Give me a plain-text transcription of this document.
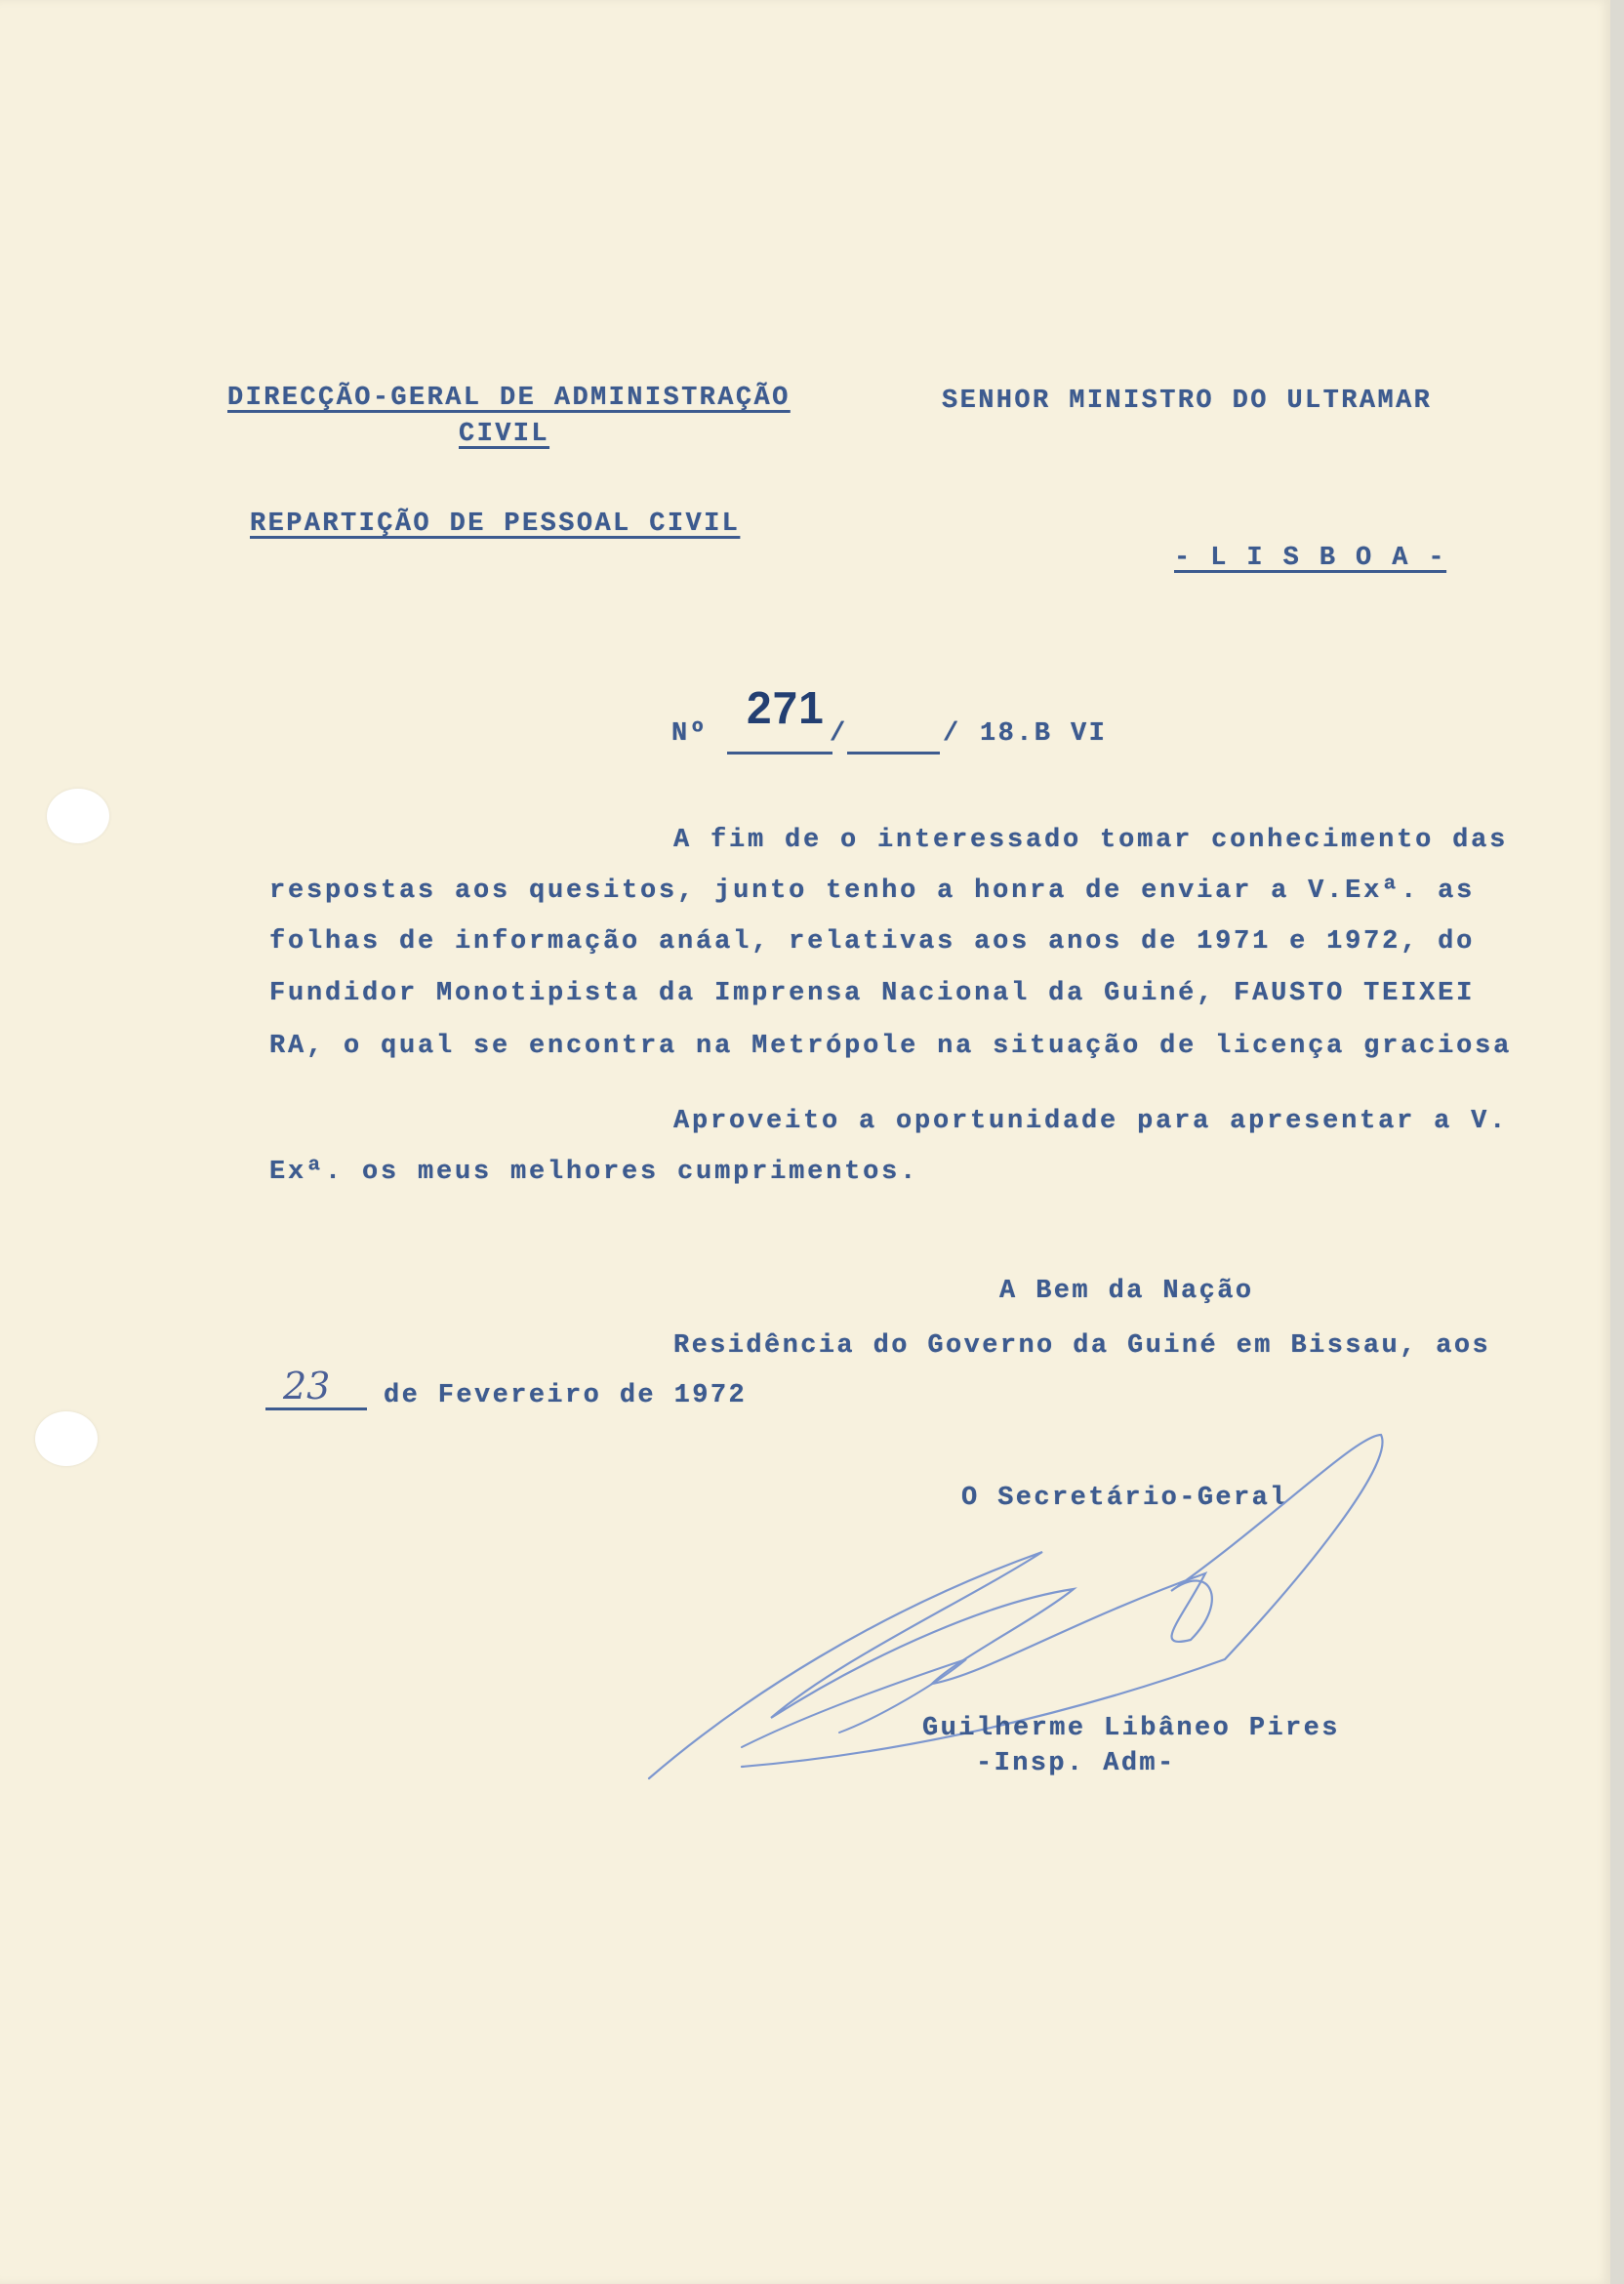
DIRECÇÃO-GERAL DE ADMINISTRAÇÃO
CIVIL
REPARTIÇÃO DE PESSOAL CIVIL
SENHOR MINISTRO DO ULTRAMAR
- L I S B O A -
Nº
271
/	/ 18.B VI
A fim de o interessado tomar conhecimento das
respostas aos quesitos, junto tenho a honra de enviar a V.Exª. as
folhas de informação anáal, relativas aos anos de 1971 e 1972, do
Fundidor Monotipista da Imprensa Nacional da Guiné, FAUSTO TEIXEI
RA, o qual se encontra na Metrópole na situação de licença graciosa
Aproveito a oportunidade para apresentar a V.
Exª. os meus melhores cumprimentos.
A Bem da Nação
Residência do Governo da Guiné em Bissau, aos
23 de Fevereiro de 1972
O Secretário-Geral
Guilherme Libâneo Pires
-Insp. Adm-
